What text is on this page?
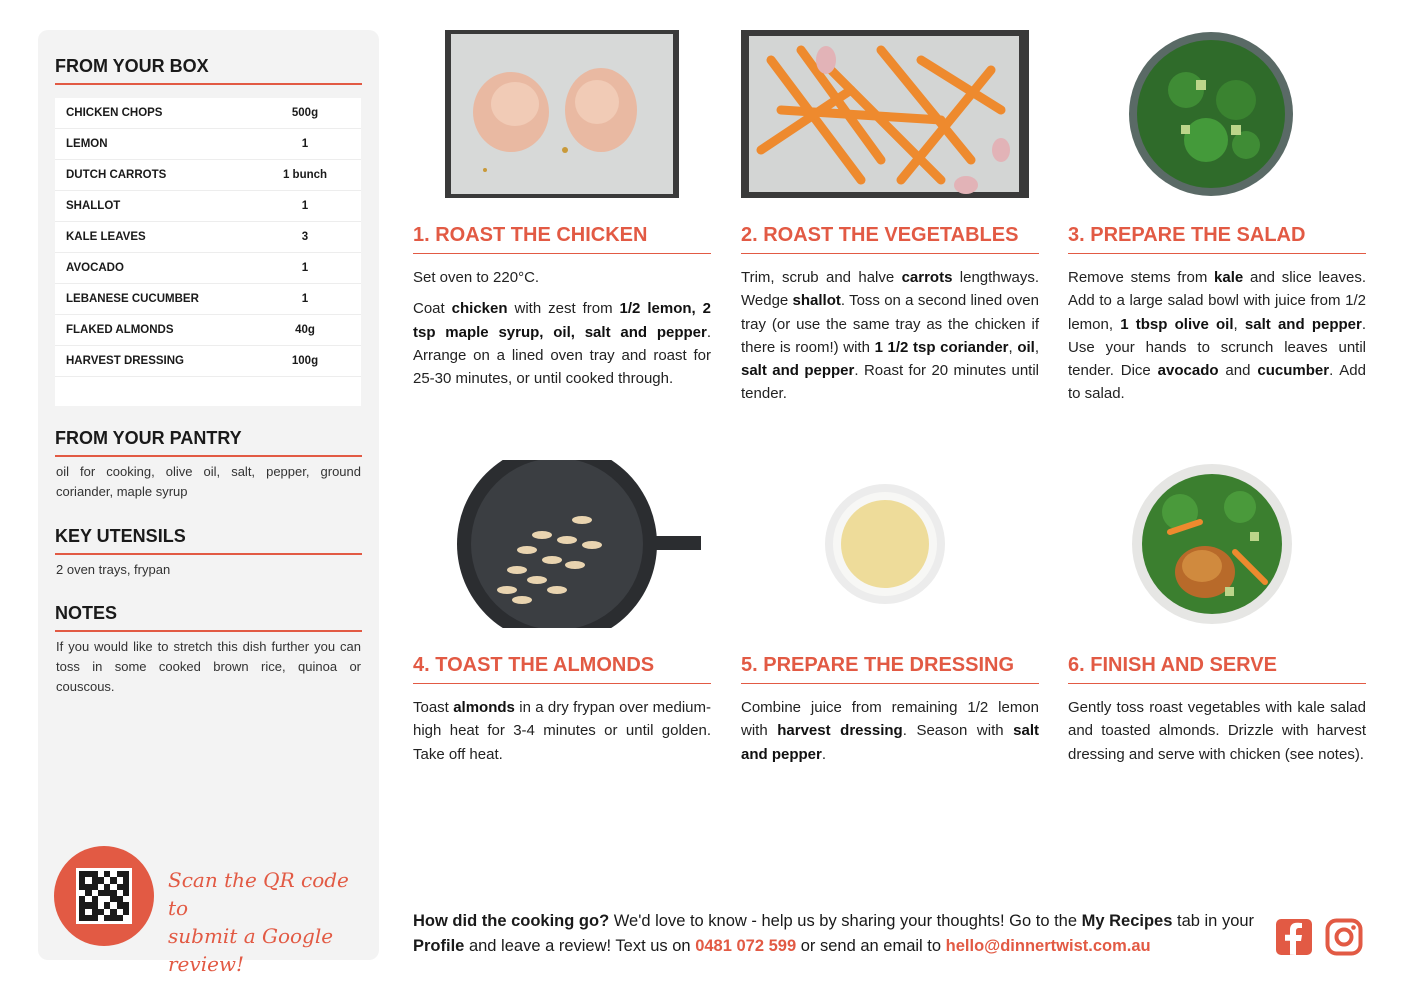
FROM YOUR BOX
CHICKEN CHOPS	500g
LEMON	1
DUTCH CARROTS	1 bunch
SHALLOT	1
KALE LEAVES	3
AVOCADO	1
LEBANESE CUCUMBER	1
FLAKED ALMONDS	40g
HARVEST DRESSING	100g
FROM YOUR PANTRY
oil for cooking, olive oil, salt, pepper, ground coriander, maple syrup
KEY UTENSILS
2 oven trays, frypan
NOTES
If you would like to stretch this dish further you can toss in some cooked brown rice, quinoa or couscous.
Scan the QR code to
submit a Google review!
1. ROAST THE CHICKEN

Set oven to 220°C.

Coat chicken with zest from 1/2 lemon, 2 tsp maple syrup, oil, salt and pepper. Arrange on a lined oven tray and roast for 25-30 minutes, or until cooked through.

2. ROAST THE VEGETABLES

Trim, scrub and halve carrots lengthways. Wedge shallot. Toss on a second lined oven tray (or use the same tray as the chicken if there is room!) with 1 1/2 tsp coriander, oil, salt and pepper. Roast for 20 minutes until tender.

3. PREPARE THE SALAD

Remove stems from kale and slice leaves. Add to a large salad bowl with juice from 1/2 lemon, 1 tbsp olive oil, salt and pepper. Use your hands to scrunch leaves until tender. Dice avocado and cucumber. Add to salad.

4. TOAST THE ALMONDS

Toast almonds in a dry frypan over medium-high heat for 3-4 minutes or until golden. Take off heat.

5. PREPARE THE DRESSING

Combine juice from remaining 1/2 lemon with harvest dressing. Season with salt and pepper.

6. FINISH AND SERVE

Gently toss roast vegetables with kale salad and toasted almonds. Drizzle with harvest dressing and serve with chicken (see notes).

How did the cooking go? We'd love to know - help us by sharing your thoughts! Go to the My Recipes tab in your Profile and leave a review! Text us on 0481 072 599 or send an email to hello@dinnertwist.com.au
